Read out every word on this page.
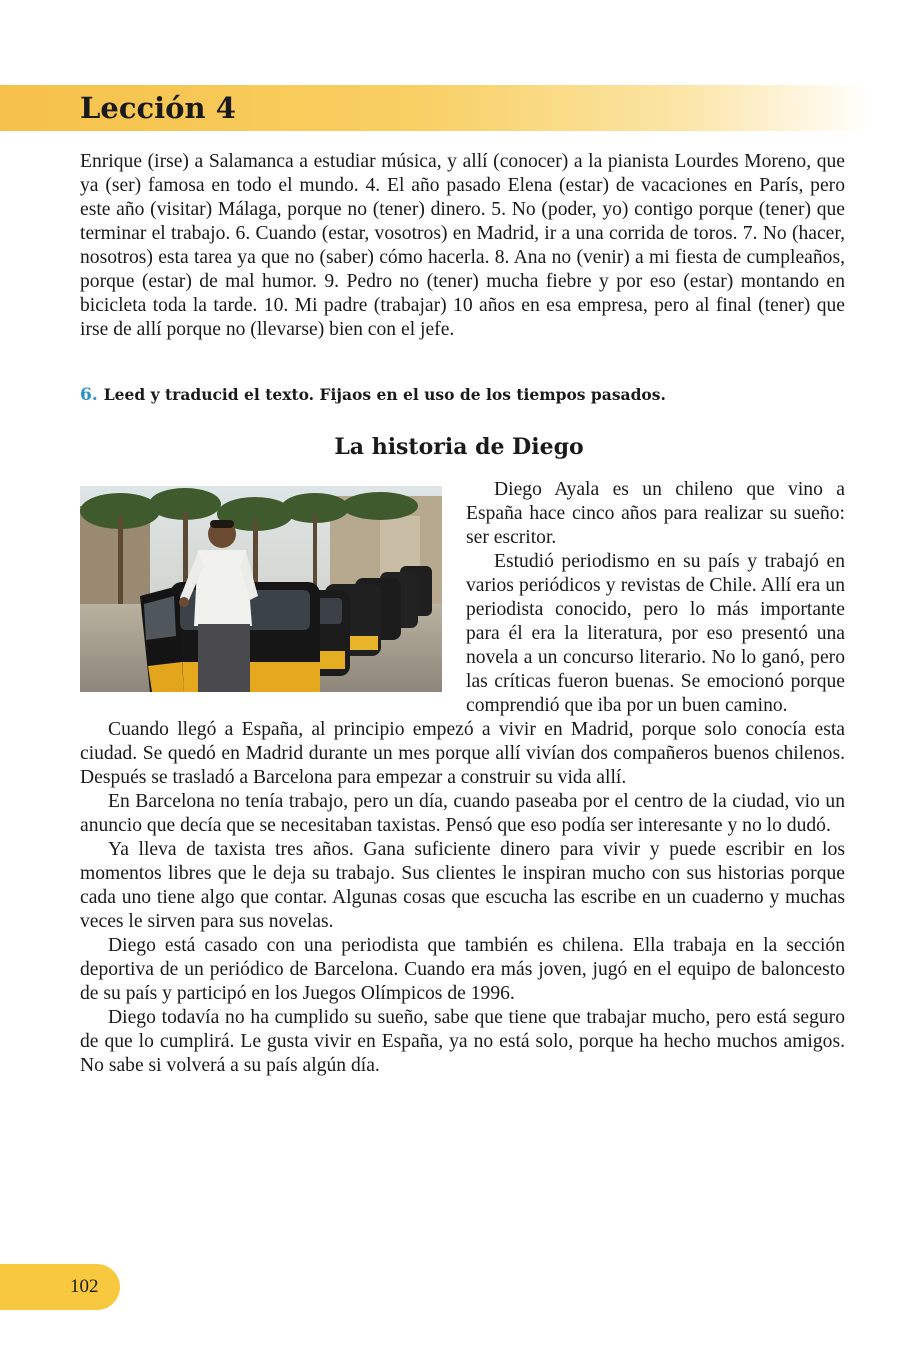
Lección 4

Enrique (irse) a Salamanca a estudiar música, y allí (conocer) a la pianista Lourdes Moreno, que ya (ser) famosa en todo el mundo. 4. El año pasado Elena (estar) de vacaciones en París, pero este año (visitar) Málaga, porque no (tener) dinero. 5. No (poder, yo) contigo porque (tener) que terminar el trabajo. 6. Cuando (estar, vosotros) en Madrid, ir a una corrida de toros. 7. No (hacer, nosotros) esta tarea ya que no (saber) cómo hacerla. 8. Ana no (venir) a mi fiesta de cumpleaños, porque (estar) de mal humor. 9. Pedro no (tener) mucha fiebre y por eso (estar) montando en bicicleta toda la tarde. 10. Mi padre (trabajar) 10 años en esa empresa, pero al final (tener) que irse de allí porque no (llevarse) bien con el jefe.

6. Leed y traducid el texto. Fijaos en el uso de los tiempos pasados.
La historia de Diego

Diego Ayala es un chileno que vino a España hace cinco años para realizar su sueño: ser escritor.

Estudió periodismo en su país y trabajó en varios periódicos y revistas de Chile. Allí era un periodista conocido, pero lo más importante para él era la literatura, por eso presentó una novela a un concurso literario. No lo ganó, pero las críticas fueron buenas. Se emocionó porque comprendió que iba por un buen camino.

Cuando llegó a España, al principio empezó a vivir en Madrid, porque solo conocía esta ciudad. Se quedó en Madrid durante un mes porque allí vivían dos compañeros buenos chilenos. Después se trasladó a Barcelona para empezar a construir su vida allí.

En Barcelona no tenía trabajo, pero un día, cuando paseaba por el centro de la ciudad, vio un anuncio que decía que se necesitaban taxistas. Pensó que eso podía ser interesante y no lo dudó.

Ya lleva de taxista tres años. Gana suficiente dinero para vivir y puede escribir en los momentos libres que le deja su trabajo. Sus clientes le inspiran mucho con sus historias porque cada uno tiene algo que contar. Algunas cosas que escucha las escribe en un cuaderno y muchas veces le sirven para sus novelas.

Diego está casado con una periodista que también es chilena. Ella trabaja en la sección deportiva de un periódico de Barcelona. Cuando era más joven, jugó en el equipo de baloncesto de su país y participó en los Juegos Olímpicos de 1996.

Diego todavía no ha cumplido su sueño, sabe que tiene que trabajar mucho, pero está seguro de que lo cumplirá. Le gusta vivir en España, ya no está solo, porque ha hecho muchos amigos. No sabe si volverá a su país algún día.

102
